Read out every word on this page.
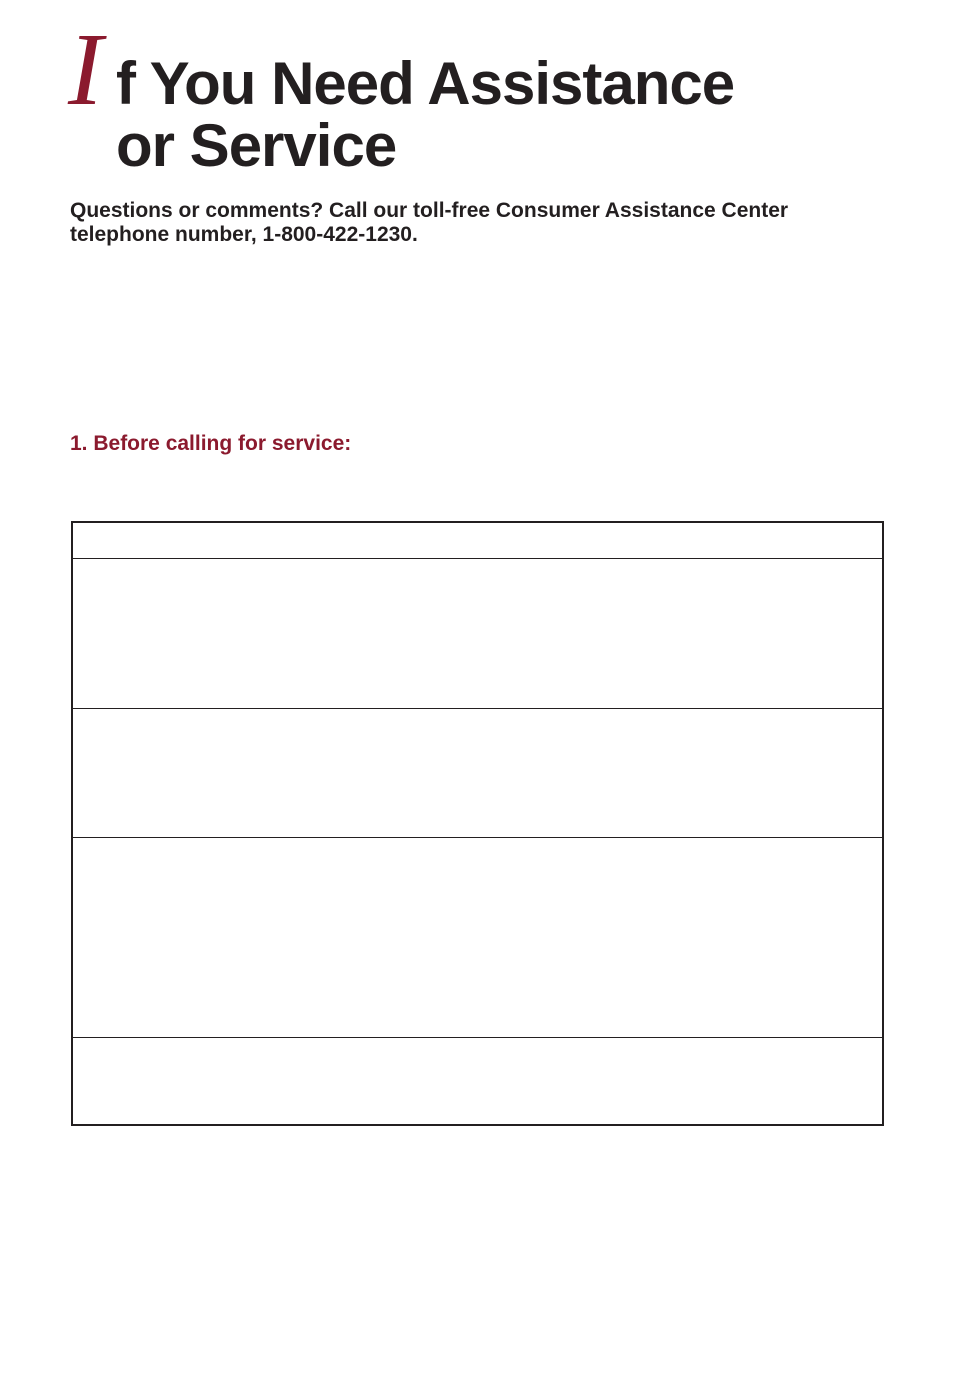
I f You Need Assistance
or Service
Questions or comments? Call our toll-free Consumer Assistance Center telephone number, 1-800-422-1230.
1. Before calling for service:
